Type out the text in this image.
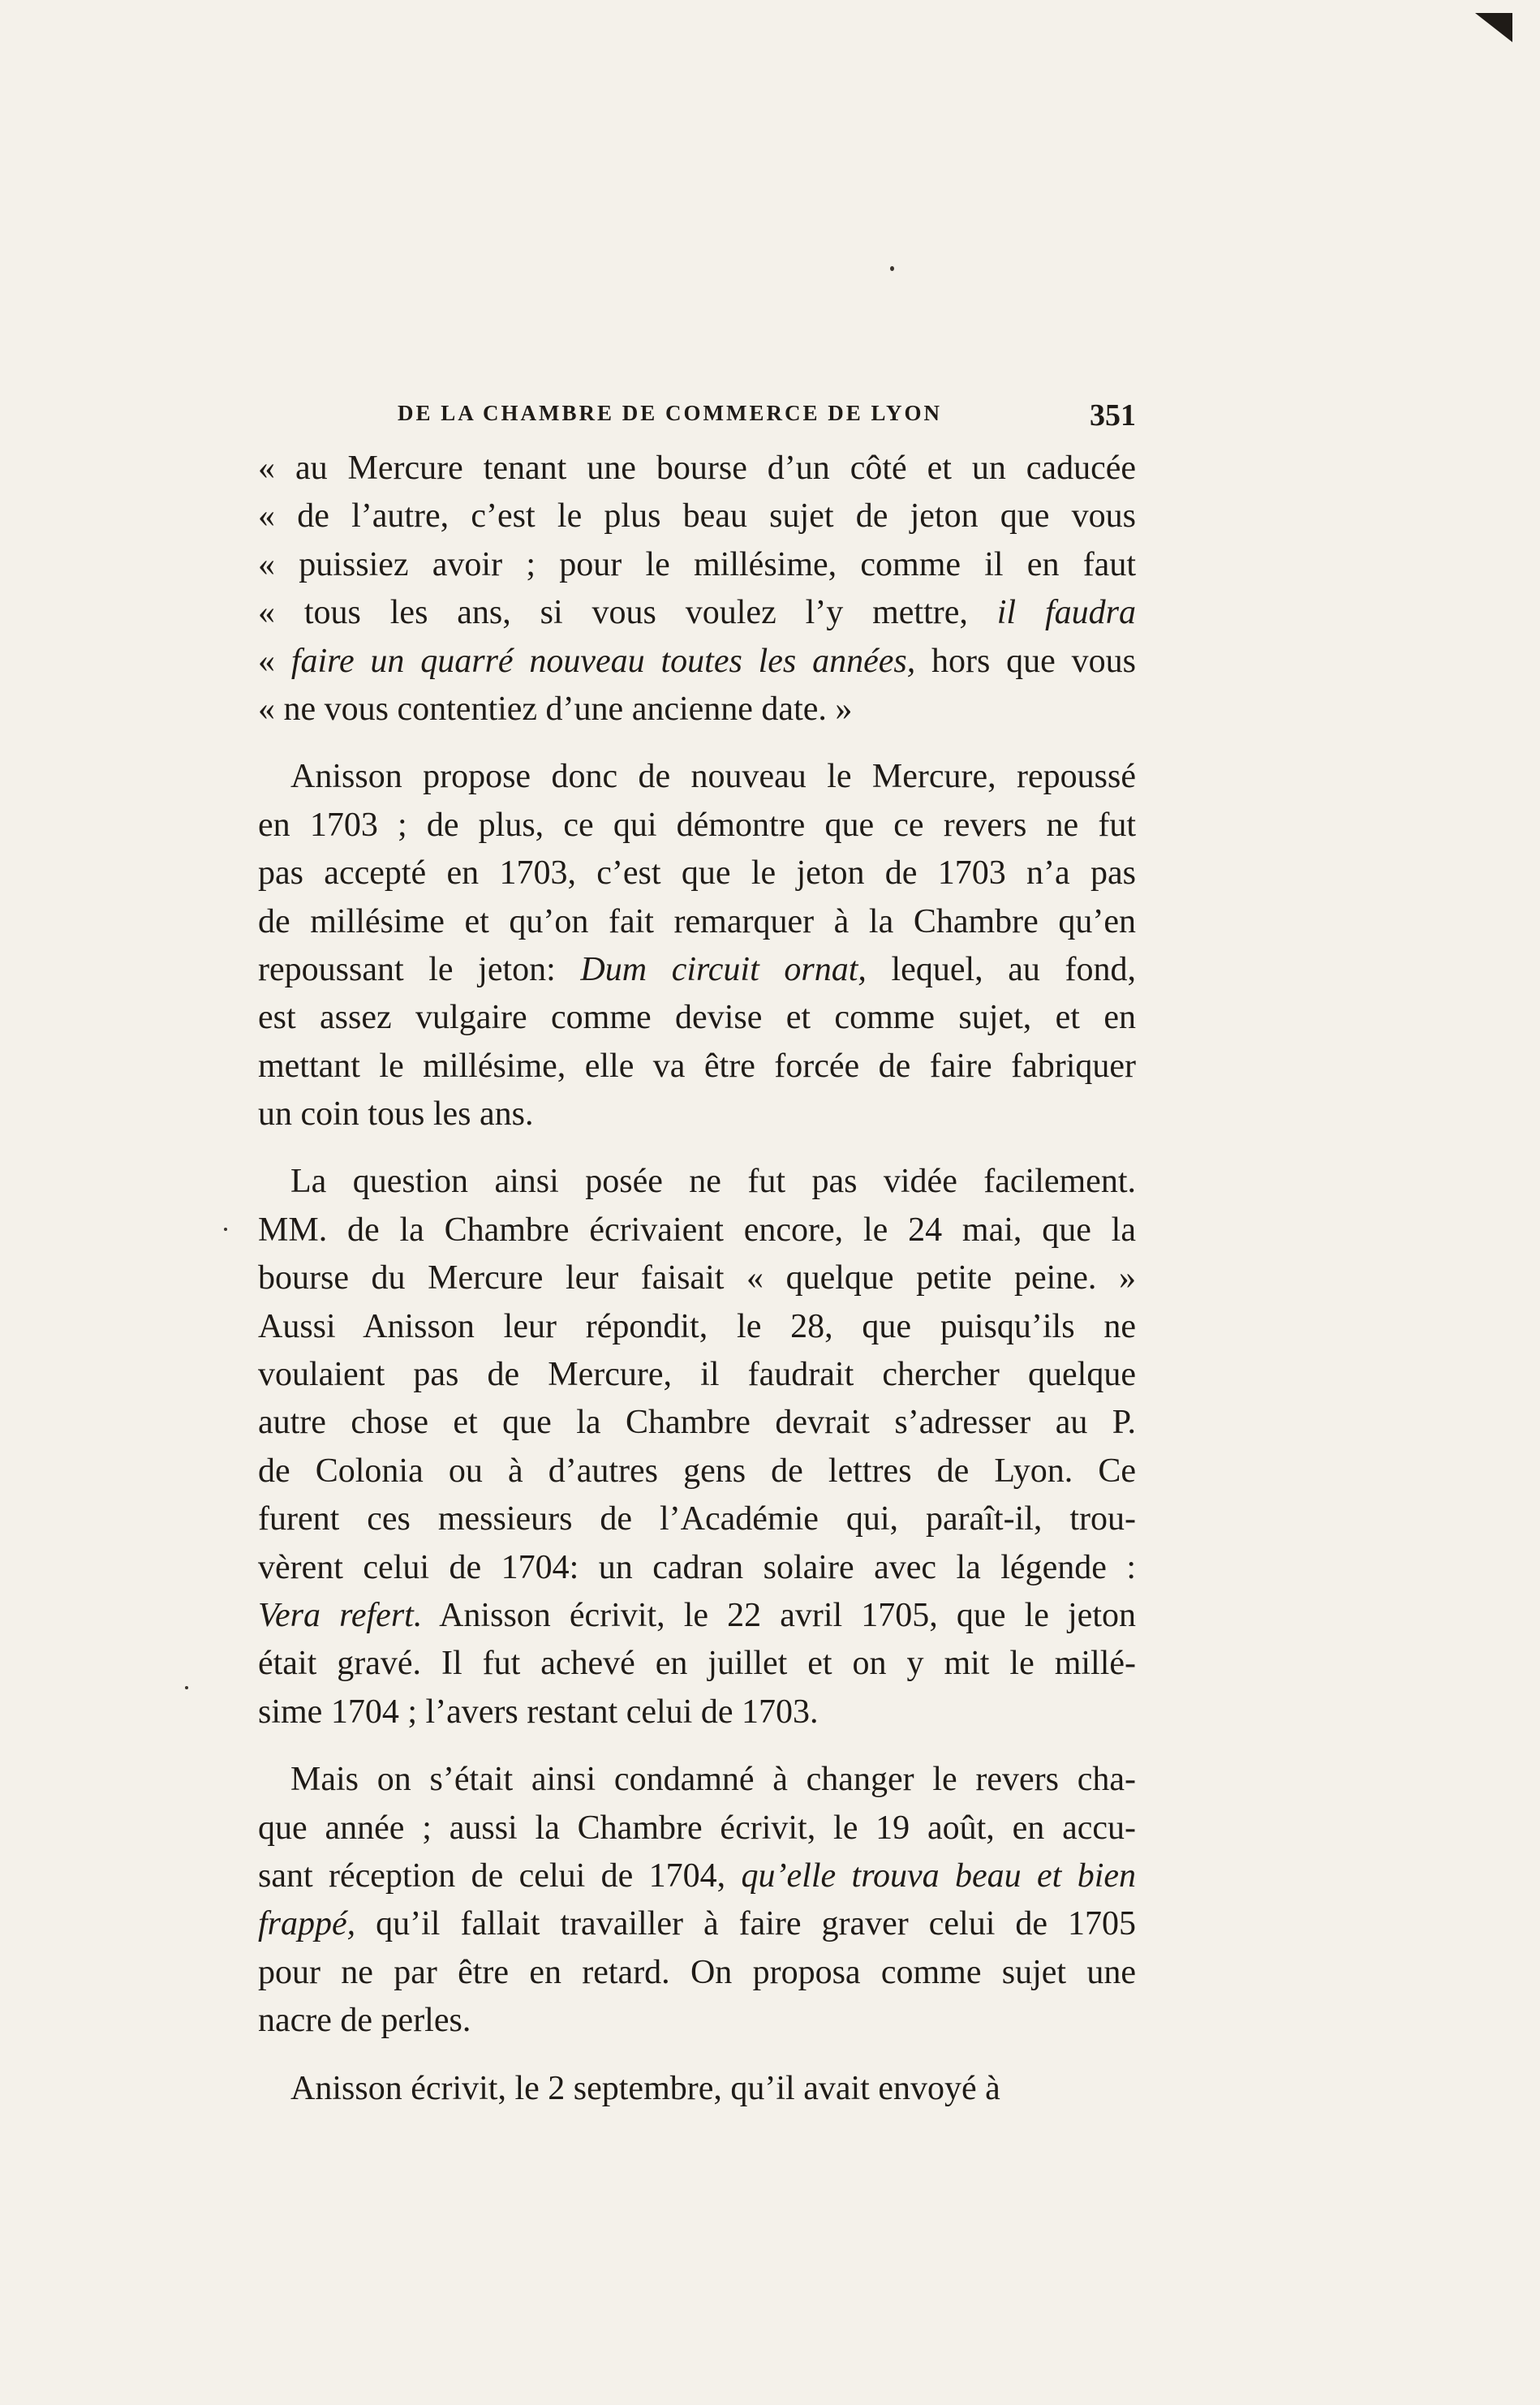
DE LA CHAMBRE DE COMMERCE DE LYON	351
« au Mercure tenant une bourse d’un côté et un caducée
« de l’autre, c’est le plus beau sujet de jeton que vous
« puissiez avoir ; pour le millésime, comme il en faut
« tous les ans, si vous voulez l’y mettre, il faudra
« faire un quarré nouveau toutes les années, hors que vous
« ne vous contentiez d’une ancienne date. »
Anisson propose donc de nouveau le Mercure, repoussé
en 1703 ; de plus, ce qui démontre que ce revers ne fut
pas accepté en 1703, c’est que le jeton de 1703 n’a pas
de millésime et qu’on fait remarquer à la Chambre qu’en
repoussant le jeton: Dum circuit ornat, lequel, au fond,
est assez vulgaire comme devise et comme sujet, et en
mettant le millésime, elle va être forcée de faire fabriquer
un coin tous les ans.
La question ainsi posée ne fut pas vidée facilement.
MM. de la Chambre écrivaient encore, le 24 mai, que la
bourse du Mercure leur faisait « quelque petite peine. »
Aussi Anisson leur répondit, le 28, que puisqu’ils ne
voulaient pas de Mercure, il faudrait chercher quelque
autre chose et que la Chambre devrait s’adresser au P.
de Colonia ou à d’autres gens de lettres de Lyon. Ce
furent ces messieurs de l’Académie qui, paraît-il, trou-
vèrent celui de 1704: un cadran solaire avec la légende :
Vera refert. Anisson écrivit, le 22 avril 1705, que le jeton
était gravé. Il fut achevé en juillet et on y mit le millé-
sime 1704 ; l’avers restant celui de 1703.
Mais on s’était ainsi condamné à changer le revers cha-
que année ; aussi la Chambre écrivit, le 19 août, en accu-
sant réception de celui de 1704, qu’elle trouva beau et bien
frappé, qu’il fallait travailler à faire graver celui de 1705
pour ne par être en retard. On proposa comme sujet une
nacre de perles.
Anisson écrivit, le 2 septembre, qu’il avait envoyé à
